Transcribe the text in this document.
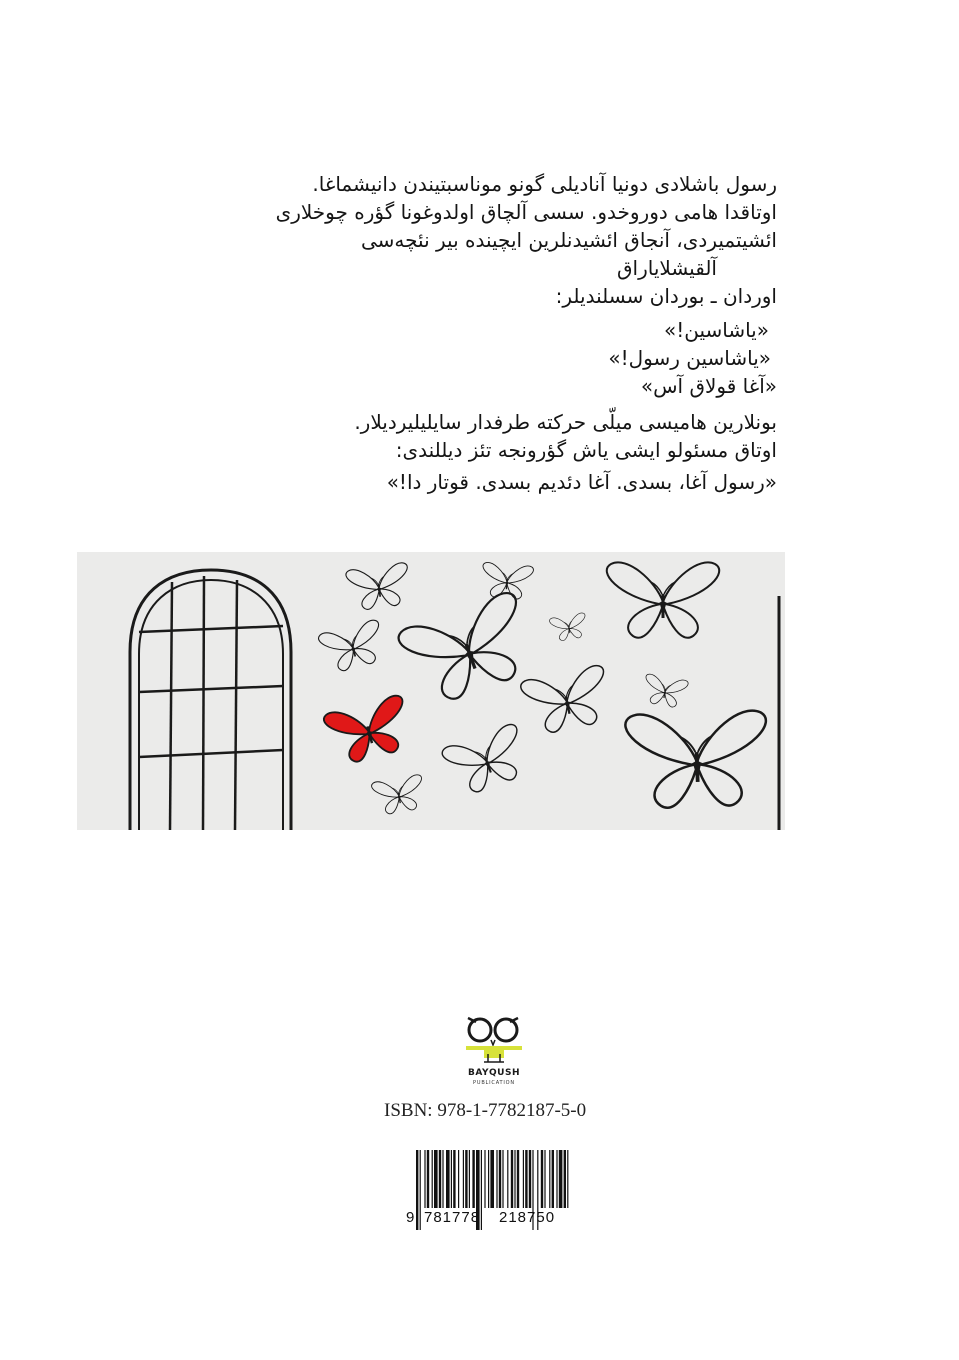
رسول باشلادی دونیا آنادیلی گونو موناسبتیندن دانیشماغا.

اوتاقدا هامی دوروخدو. سسی آلچاق اولدوغونا گؤره چوخلاری

ائشیتمیردی، آنجاق ائشیدنلرین ایچینده بیر نئچه‌سی

آلقیشلایاراق

اوردان ـ بوردان سسلندیلر:

«یاشاسین!»

«یاشاسین رسول!»

«آغا قولاق آس»

بونلارین هامیسی میلّی حرکته طرفدار سایلیلیردیلار.

اوتاق مسئولو ایشی یاش گؤرونجه تئز دیللندی:

«رسول آغا، بسدی. آغا دئدیم بسدی. قوتار دا!»

BAYQUSH
PUBLICATION
ISBN: 978-1-7782187-5-0
9 781778 218750
